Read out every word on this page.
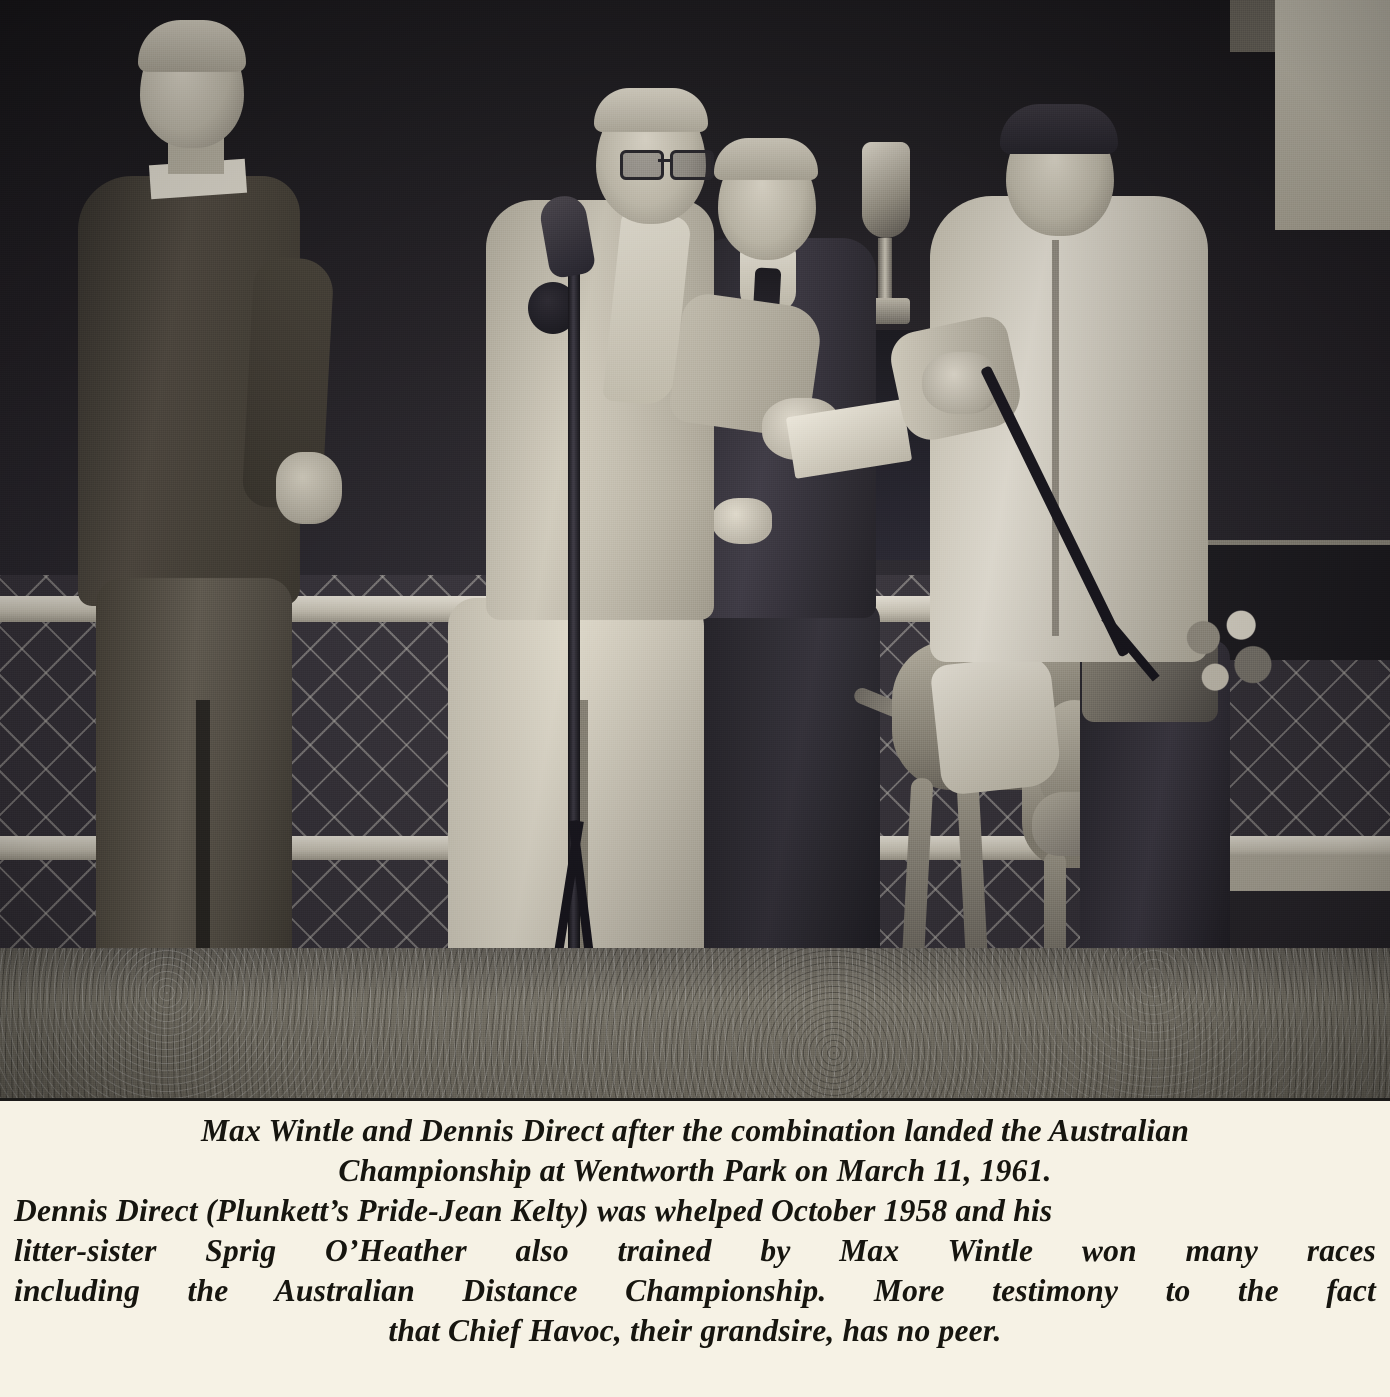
Max Wintle and Dennis Direct after the combination landed the Australian

Championship at Wentworth Park on March 11, 1961.

Dennis Direct (Plunkett’s Pride-Jean Kelty) was whelped October 1958 and his

litter-sister Sprig O’Heather also trained by Max Wintle won many races

including the Australian Distance Championship. More testimony to the fact

that Chief Havoc, their grandsire, has no peer.
